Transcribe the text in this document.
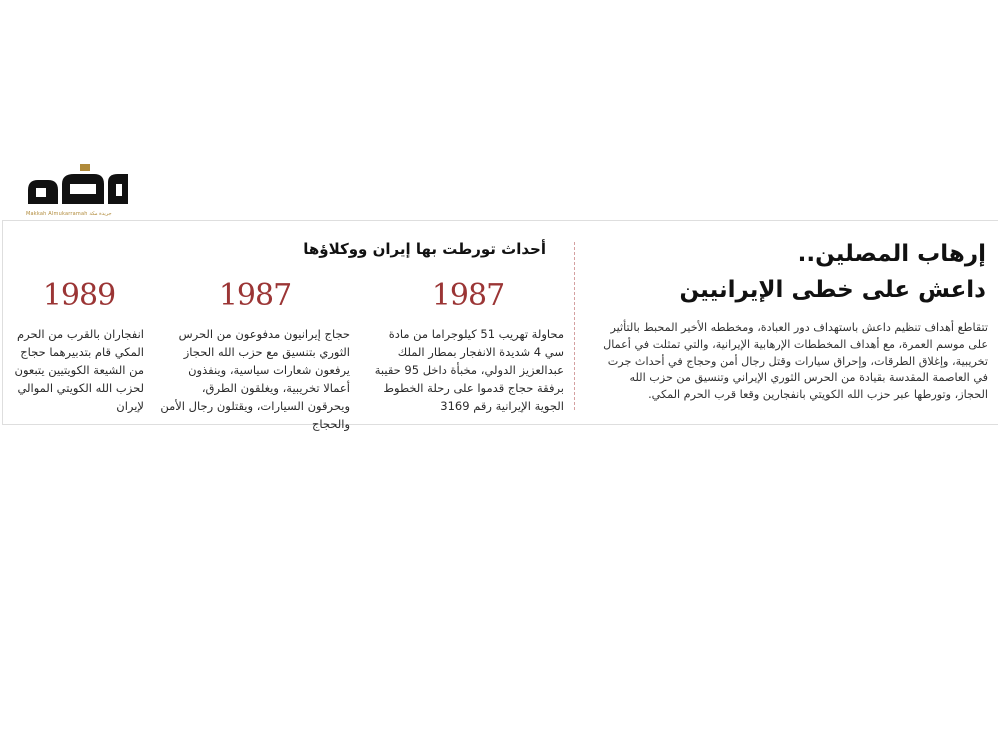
Makkah Almukarramah جريدة مكة
إرهاب المصلين..
داعش على خطى الإيرانيين
تتقاطع أهداف تنظيم داعش باستهداف دور العبادة، ومخططه الأخير المحبط بالتأثير على موسم العمرة، مع أهداف المخططات الإرهابية الإيرانية، والتي تمثلت في أعمال تخريبية، وإغلاق الطرقات، وإحراق سيارات وقتل رجال أمن وحجاج في أحداث جرت في العاصمة المقدسة بقيادة من الحرس الثوري الإيراني وتنسيق من حزب الله الحجاز، وتورطها عبر حزب الله الكويتي بانفجارين وقعا قرب الحرم المكي.
أحداث تورطت بها إيران ووكلاؤها
1987
محاولة تهريب 51 كيلوجراما من مادة سي 4 شديدة الانفجار بمطار الملك عبدالعزيز الدولي، مخبأة داخل 95 حقيبة برفقة حجاج قدموا على رحلة الخطوط الجوية الإيرانية رقم 3169
1987
حجاج إيرانيون مدفوعون من الحرس الثوري بتنسيق مع حزب الله الحجاز يرفعون شعارات سياسية، وينفذون أعمالا تخريبية، ويغلقون الطرق، ويحرقون السيارات، ويقتلون رجال الأمن والحجاج
1989
انفجاران بالقرب من الحرم المكي قام بتدبيرهما حجاج من الشيعة الكويتيين يتبعون لحزب الله الكويتي الموالي لإيران
